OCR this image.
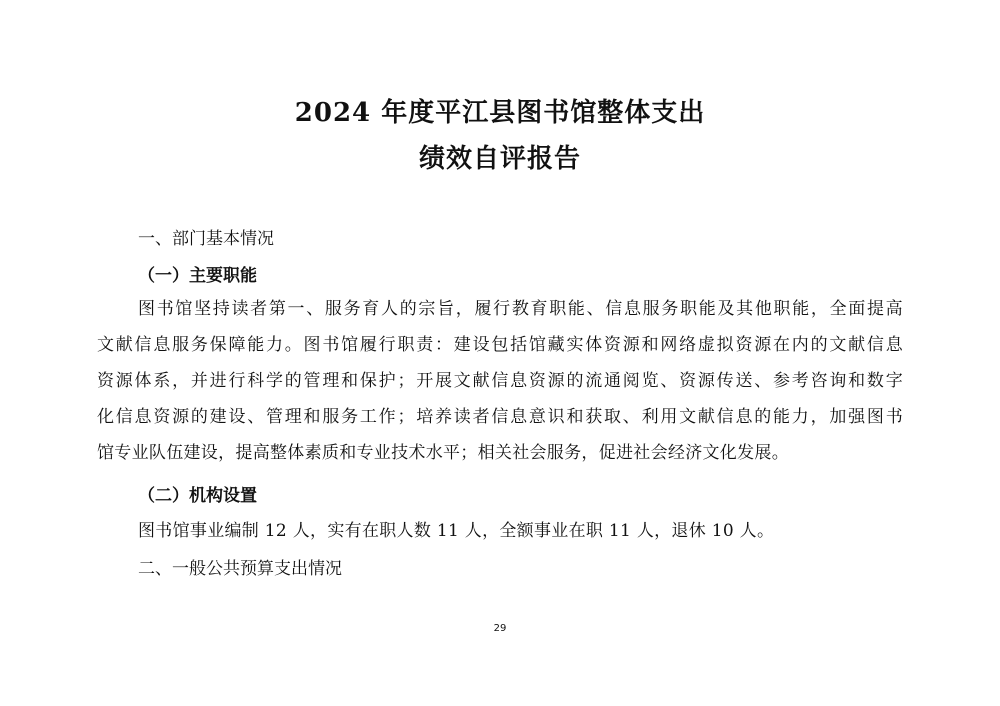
2024 年度平江县图书馆整体支出
绩效自评报告
一、部门基本情况
（一）主要职能
图书馆坚持读者第一、服务育人的宗旨，履行教育职能、信息服务职能及其他职能，全面提高
文献信息服务保障能力。图书馆履行职责：建设包括馆藏实体资源和网络虚拟资源在内的文献信息
资源体系，并进行科学的管理和保护；开展文献信息资源的流通阅览、资源传送、参考咨询和数字
化信息资源的建设、管理和服务工作；培养读者信息意识和获取、利用文献信息的能力，加强图书
馆专业队伍建设，提高整体素质和专业技术水平；相关社会服务，促进社会经济文化发展。
（二）机构设置
图书馆事业编制 12 人，实有在职人数 11 人，全额事业在职 11 人，退休 10 人。
二、一般公共预算支出情况
29
